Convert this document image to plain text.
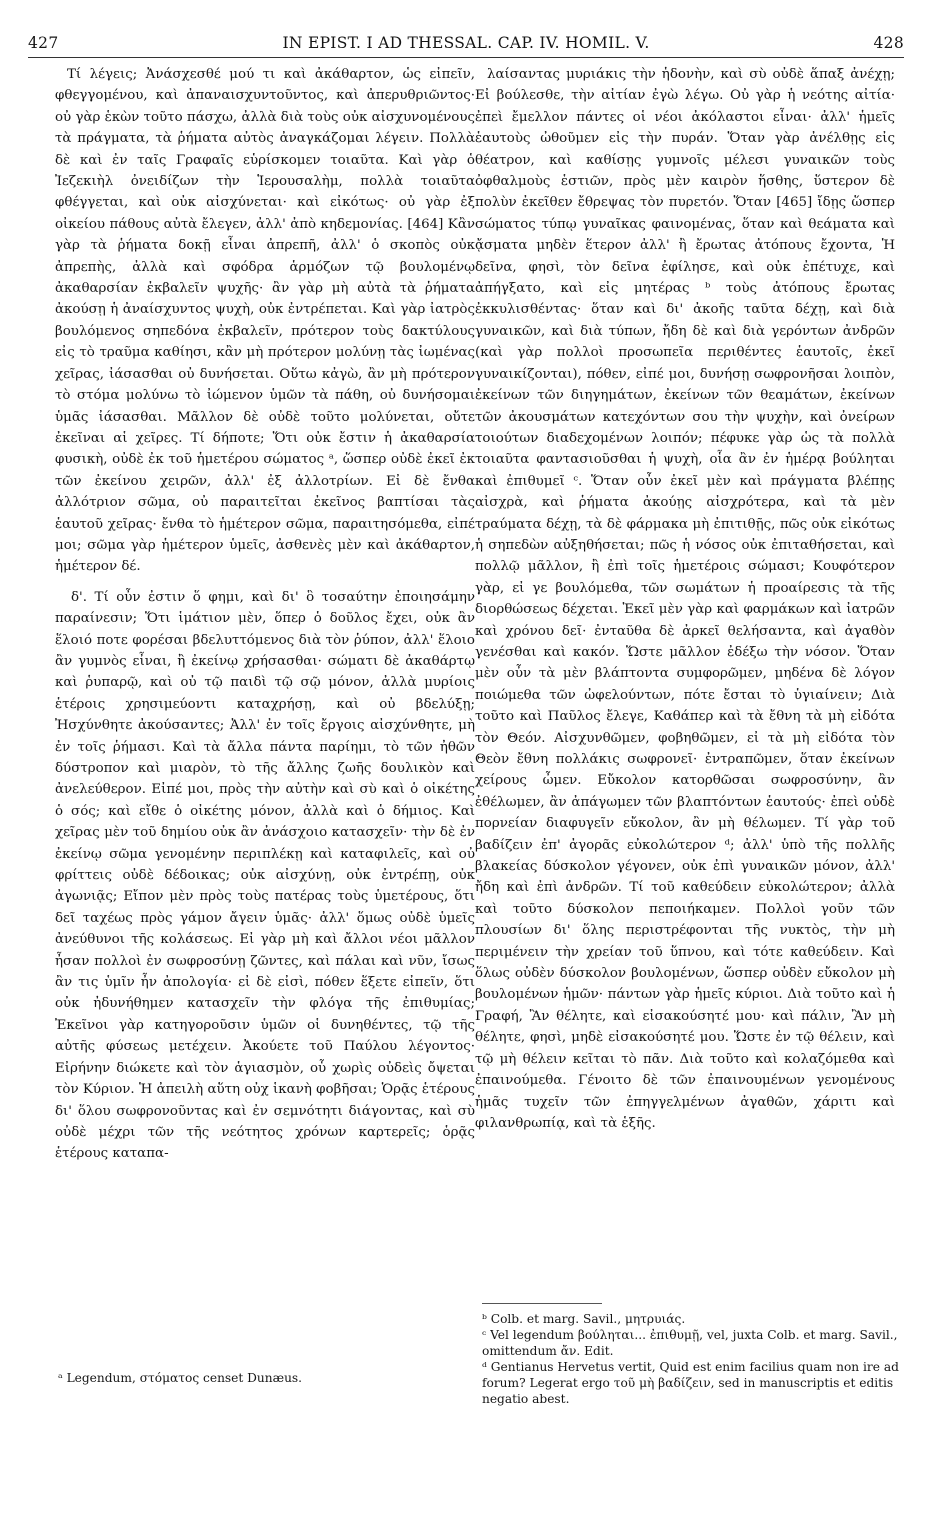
427	IN EPIST. I AD THESSAL. CAP. IV. HOMIL. V.	428

Τί λέγεις; Ἀνάσχεσθέ μού τι καὶ ἀκάθαρτον, ὡς εἰπεῖν, φθεγγομένου, καὶ ἀπαναισχυντοῦντος, καὶ ἀπερυθριῶντος· οὐ γὰρ ἑκὼν τοῦτο πάσχω, ἀλλὰ διὰ τοὺς οὐκ αἰσχυνομένους τὰ πράγματα, τὰ ῥήματα αὐτὸς ἀναγκάζομαι λέγειν. Πολλὰ δὲ καὶ ἐν ταῖς Γραφαῖς εὑρίσκομεν τοιαῦτα. Καὶ γὰρ ὁ Ἰεζεκιὴλ ὀνειδίζων τὴν Ἱερουσαλὴμ, πολλὰ τοιαῦτα φθέγγεται, καὶ οὐκ αἰσχύνεται· καὶ εἰκότως· οὐ γὰρ ἐξ οἰκείου πάθους αὐτὰ ἔλεγεν, ἀλλ' ἀπὸ κηδεμονίας. [464] Κἂν γὰρ τὰ ῥήματα δοκῇ εἶναι ἀπρεπῆ, ἀλλ' ὁ σκοπὸς οὐκ ἀπρεπὴς, ἀλλὰ καὶ σφόδρα ἁρμόζων τῷ βουλομένῳ ἀκαθαρσίαν ἐκβαλεῖν ψυχῆς· ἂν γὰρ μὴ αὐτὰ τὰ ῥήματα ἀκούσῃ ἡ ἀναίσχυντος ψυχὴ, οὐκ ἐντρέπεται. Καὶ γὰρ ἰατρὸς βουλόμενος σηπεδόνα ἐκβαλεῖν, πρότερον τοὺς δακτύλους εἰς τὸ τραῦμα καθίησι, κἂν μὴ πρότερον μολύνῃ τὰς ἰωμένας χεῖρας, ἰάσασθαι οὐ δυνήσεται. Οὕτω κἀγὼ, ἂν μὴ πρότερον τὸ στόμα μολύνω τὸ ἰώμενον ὑμῶν τὰ πάθη, οὐ δυνήσομαι ὑμᾶς ἰάσασθαι. Μᾶλλον δὲ οὐδὲ τοῦτο μολύνεται, οὔτε ἐκεῖναι αἱ χεῖρες. Τί δήποτε; Ὅτι οὐκ ἔστιν ἡ ἀκαθαρσία φυσικὴ, οὐδὲ ἐκ τοῦ ἡμετέρου σώματος ᵃ, ὥσπερ οὐδὲ ἐκεῖ ἐκ τῶν ἐκείνου χειρῶν, ἀλλ' ἐξ ἀλλοτρίων. Εἰ δὲ ἔνθα ἀλλότριον σῶμα, οὐ παραιτεῖται ἐκεῖνος βαπτίσαι τὰς ἑαυτοῦ χεῖρας· ἔνθα τὸ ἡμέτερον σῶμα, παραιτησόμεθα, εἰπέ μοι; σῶμα γὰρ ἡμέτερον ὑμεῖς, ἀσθενὲς μὲν καὶ ἀκάθαρτον, ἡμέτερον δέ.

δ'. Τί οὖν ἐστιν ὅ φημι, καὶ δι' ὃ τοσαύτην ἐποιησάμην παραίνεσιν; Ὅτι ἱμάτιον μὲν, ὅπερ ὁ δοῦλος ἔχει, οὐκ ἂν ἕλοιό ποτε φορέσαι βδελυττόμενος διὰ τὸν ῥύπον, ἀλλ' ἕλοιο ἂν γυμνὸς εἶναι, ἢ ἐκείνῳ χρήσασθαι· σώματι δὲ ἀκαθάρτῳ καὶ ῥυπαρῷ, καὶ οὐ τῷ παιδὶ τῷ σῷ μόνον, ἀλλὰ μυρίοις ἑτέροις χρησιμεύοντι καταχρήσῃ, καὶ οὐ βδελύξῃ; Ἠσχύνθητε ἀκούσαντες; Ἀλλ' ἐν τοῖς ἔργοις αἰσχύνθητε, μὴ ἐν τοῖς ῥήμασι. Καὶ τὰ ἄλλα πάντα παρίημι, τὸ τῶν ἠθῶν δύστροπον καὶ μιαρὸν, τὸ τῆς ἄλλης ζωῆς δουλικὸν καὶ ἀνελεύθερον. Εἰπέ μοι, πρὸς τὴν αὐτὴν καὶ σὺ καὶ ὁ οἰκέτης ὁ σός; καὶ εἴθε ὁ οἰκέτης μόνον, ἀλλὰ καὶ ὁ δήμιος. Καὶ χεῖρας μὲν τοῦ δημίου οὐκ ἂν ἀνάσχοιο κατασχεῖν· τὴν δὲ ἐν ἐκείνῳ σῶμα γενομένην περιπλέκῃ καὶ καταφιλεῖς, καὶ οὐ φρίττεις οὐδὲ δέδοικας; οὐκ αἰσχύνῃ, οὐκ ἐντρέπῃ, οὐκ ἀγωνιᾷς; Εἴπον μὲν πρὸς τοὺς πατέρας τοὺς ὑμετέρους, ὅτι δεῖ ταχέως πρὸς γάμον ἄγειν ὑμᾶς· ἀλλ' ὅμως οὐδὲ ὑμεῖς ἀνεύθυνοι τῆς κολάσεως. Εἰ γὰρ μὴ καὶ ἄλλοι νέοι μᾶλλον ἦσαν πολλοὶ ἐν σωφροσύνῃ ζῶντες, καὶ πάλαι καὶ νῦν, ἴσως ἂν τις ὑμῖν ἦν ἀπολογία· εἰ δὲ εἰσὶ, πόθεν ἕξετε εἰπεῖν, ὅτι οὐκ ἠδυνήθημεν κατασχεῖν τὴν φλόγα τῆς ἐπιθυμίας; Ἐκεῖνοι γὰρ κατηγοροῦσιν ὑμῶν οἱ δυνηθέντες, τῷ τῆς αὐτῆς φύσεως μετέχειν. Ἀκούετε τοῦ Παύλου λέγοντος· Εἰρήνην διώκετε καὶ τὸν ἁγιασμὸν, οὗ χωρὶς οὐδεὶς ὄψεται τὸν Κύριον. Ἡ ἀπειλὴ αὕτη οὐχ ἱκανὴ φοβῆσαι; Ὁρᾷς ἑτέρους δι' ὅλου σωφρονοῦντας καὶ ἐν σεμνότητι διάγοντας, καὶ σὺ οὐδὲ μέχρι τῶν τῆς νεότητος χρόνων καρτερεῖς; ὁρᾷς ἑτέρους καταπα-

λαίσαντας μυριάκις τὴν ἡδονὴν, καὶ σὺ οὐδὲ ἅπαξ ἀνέχῃ; Εἰ βούλεσθε, τὴν αἰτίαν ἐγὼ λέγω. Οὐ γὰρ ἡ νεότης αἰτία· ἐπεὶ ἔμελλον πάντες οἱ νέοι ἀκόλαστοι εἶναι· ἀλλ' ἡμεῖς ἑαυτοὺς ὠθοῦμεν εἰς τὴν πυράν. Ὅταν γὰρ ἀνέλθῃς εἰς θέατρον, καὶ καθίσῃς γυμνοῖς μέλεσι γυναικῶν τοὺς ὀφθαλμοὺς ἑστιῶν, πρὸς μὲν καιρὸν ἥσθης, ὕστερον δὲ πολὺν ἐκεῖθεν ἔθρεψας τὸν πυρετόν. Ὅταν [465] ἴδῃς ὥσπερ σώματος τύπῳ γυναῖκας φαινομένας, ὅταν καὶ θεάματα καὶ ᾄσματα μηδὲν ἕτερον ἀλλ' ἢ ἔρωτας ἀτόπους ἔχοντα, Ἡ δεῖνα, φησὶ, τὸν δεῖνα ἐφίλησε, καὶ οὐκ ἐπέτυχε, καὶ ἀπήγξατο, καὶ εἰς μητέρας ᵇ τοὺς ἀτόπους ἔρωτας ἐκκυλισθέντας· ὅταν καὶ δι' ἀκοῆς ταῦτα δέχῃ, καὶ διὰ γυναικῶν, καὶ διὰ τύπων, ἤδη δὲ καὶ διὰ γερόντων ἀνδρῶν (καὶ γὰρ πολλοὶ προσωπεῖα περιθέντες ἑαυτοῖς, ἐκεῖ γυναικίζονται), πόθεν, εἰπέ μοι, δυνήσῃ σωφρονῆσαι λοιπὸν, ἐκείνων τῶν διηγημάτων, ἐκείνων τῶν θεαμάτων, ἐκείνων τῶν ἀκουσμάτων κατεχόντων σου τὴν ψυχὴν, καὶ ὀνείρων τοιούτων διαδεχομένων λοιπόν; πέφυκε γὰρ ὡς τὰ πολλὰ τοιαῦτα φαντασιοῦσθαι ἡ ψυχὴ, οἷα ἂν ἐν ἡμέρᾳ βούληται καὶ ἐπιθυμεῖ ᶜ. Ὅταν οὖν ἐκεῖ μὲν καὶ πράγματα βλέπῃς αἰσχρὰ, καὶ ῥήματα ἀκούῃς αἰσχρότερα, καὶ τὰ μὲν τραύματα δέχῃ, τὰ δὲ φάρμακα μὴ ἐπιτιθῇς, πῶς οὐκ εἰκότως ἡ σηπεδὼν αὐξηθήσεται; πῶς ἡ νόσος οὐκ ἐπιταθήσεται, καὶ πολλῷ μᾶλλον, ἢ ἐπὶ τοῖς ἡμετέροις σώμασι; Κουφότερον γὰρ, εἰ γε βουλόμεθα, τῶν σωμάτων ἡ προαίρεσις τὰ τῆς διορθώσεως δέχεται. Ἐκεῖ μὲν γὰρ καὶ φαρμάκων καὶ ἰατρῶν καὶ χρόνου δεῖ· ἐνταῦθα δὲ ἀρκεῖ θελήσαντα, καὶ ἀγαθὸν γενέσθαι καὶ κακόν. Ὥστε μᾶλλον ἐδέξω τὴν νόσον. Ὅταν μὲν οὖν τὰ μὲν βλάπτοντα συμφορῶμεν, μηδένα δὲ λόγον ποιώμεθα τῶν ὠφελούντων, πότε ἔσται τὸ ὑγιαίνειν; Διὰ τοῦτο καὶ Παῦλος ἔλεγε, Καθάπερ καὶ τὰ ἔθνη τὰ μὴ εἰδότα τὸν Θεόν. Αἰσχυνθῶμεν, φοβηθῶμεν, εἰ τὰ μὴ εἰδότα τὸν Θεὸν ἔθνη πολλάκις σωφρονεῖ· ἐντραπῶμεν, ὅταν ἐκείνων χείρους ὦμεν. Εὔκολον κατορθῶσαι σωφροσύνην, ἂν ἐθέλωμεν, ἂν ἀπάγωμεν τῶν βλαπτόντων ἑαυτούς· ἐπεὶ οὐδὲ πορνείαν διαφυγεῖν εὔκολον, ἂν μὴ θέλωμεν. Τί γὰρ τοῦ βαδίζειν ἐπ' ἀγορᾶς εὐκολώτερον ᵈ; ἀλλ' ὑπὸ τῆς πολλῆς βλακείας δύσκολον γέγονεν, οὐκ ἐπὶ γυναικῶν μόνον, ἀλλ' ἤδη καὶ ἐπὶ ἀνδρῶν. Τί τοῦ καθεύδειν εὐκολώτερον; ἀλλὰ καὶ τοῦτο δύσκολον πεποιήκαμεν. Πολλοὶ γοῦν τῶν πλουσίων δι' ὅλης περιστρέφονται τῆς νυκτὸς, τὴν μὴ περιμένειν τὴν χρείαν τοῦ ὕπνου, καὶ τότε καθεύδειν. Καὶ ὅλως οὐδὲν δύσκολον βουλομένων, ὥσπερ οὐδὲν εὔκολον μὴ βουλομένων ἡμῶν· πάντων γὰρ ἡμεῖς κύριοι. Διὰ τοῦτο καὶ ἡ Γραφή, Ἂν θέλητε, καὶ εἰσακούσητέ μου· καὶ πάλιν, Ἂν μὴ θέλητε, φησὶ, μηδὲ εἰσακούσητέ μου. Ὥστε ἐν τῷ θέλειν, καὶ τῷ μὴ θέλειν κεῖται τὸ πᾶν. Διὰ τοῦτο καὶ κολαζόμεθα καὶ ἐπαινούμεθα. Γένοιτο δὲ τῶν ἐπαινουμένων γενομένους ἡμᾶς τυχεῖν τῶν ἐπηγγελμένων ἀγαθῶν, χάριτι καὶ φιλανθρωπίᾳ, καὶ τὰ ἑξῆς.

ᵃ Legendum, στόματος censet Dunæus.

ᵇ Colb. et marg. Savil., μητρυιάς.

ᶜ Vel legendum βούληται... ἐπιθυμῇ, vel, juxta Colb. et marg. Savil., omittendum ἄν. Edit.

ᵈ Gentianus Hervetus vertit, Quid est enim facilius quam non ire ad forum? Legerat ergo τοῦ μὴ βαδίζειν, sed in manuscriptis et editis negatio abest.
